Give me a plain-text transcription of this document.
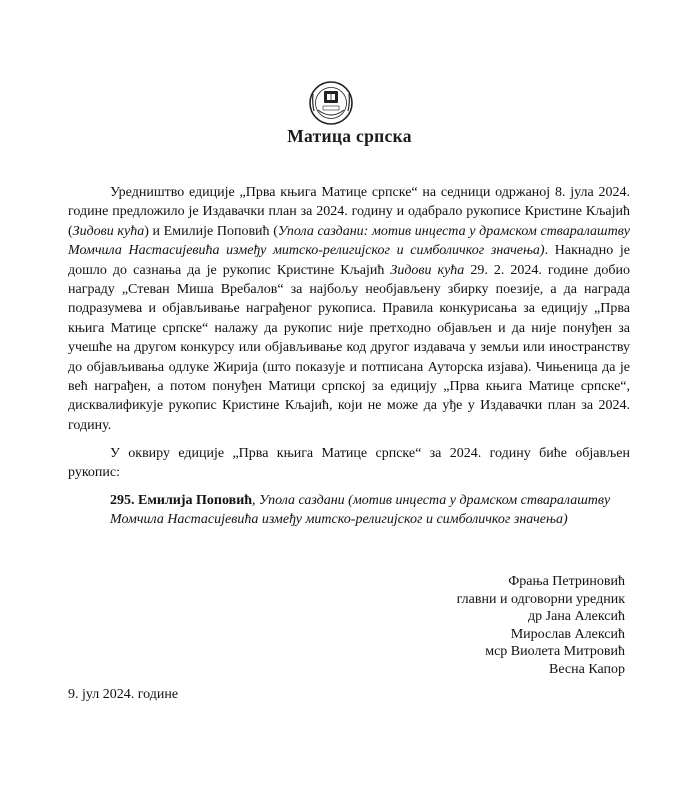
Матица српска

Уредништво едиције „Прва књига Матице српске“ на седници одржаној 8. јула 2024. године предложило је Издавачки план за 2024. годину и одабрало рукописе Кристине Кљајић (Зидови кућа) и Емилије Поповић (Упола саздани: мотив инцеста у драмском стваралаштву Момчила Настасијевића између митско-религијског и симболичког значења). Накнадно је дошло до сазнања да је рукопис Кристине Кљајић Зидови кућа 29. 2. 2024. године добио награду „Стеван Миша Вребалов“ за најбољу необјављену збирку поезије, а да награда подразумева и објављивање награђеног рукописа. Правила конкурисања за едицију „Прва књига Матице српске“ налажу да рукопис није претходно објављен и да није понуђен за учешће на другом конкурсу или објављивање код другог издавача у земљи или иностранству до објављивања одлуке Жирија (што показује и потписана Ауторска изјава). Чињеница да је већ награђен, а потом понуђен Матици српској за едицију „Прва књига Матице српске“, дисквалификује рукопис Кристине Кљајић, који не може да уђе у Издавачки план за 2024. годину.

У оквиру едиције „Прва књига Матице српске“ за 2024. годину биће објављен рукопис:

295. Емилија Поповић, Упола саздани (мотив инцеста у драмском стваралаштву Момчила Настасијевића између митско-религијског и симболичког значења)

Фрања Петриновић

главни и одговорни уредник

др Јана Алексић

Мирослав Алексић

мср Виолета Митровић

Весна Капор

9. јул 2024. године
